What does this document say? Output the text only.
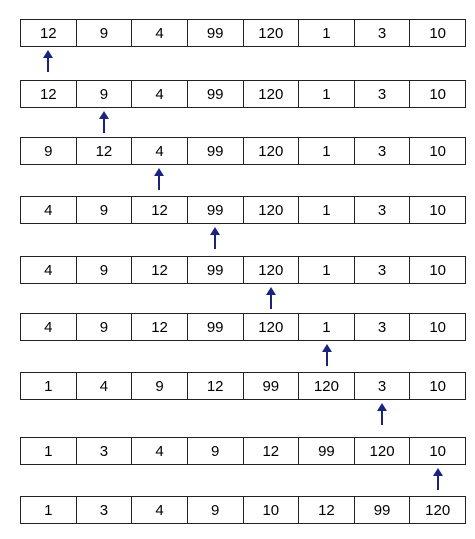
12	9	4	99	120	1	3	10
12	9	4	99	120	1	3	10
9	12	4	99	120	1	3	10
4	9	12	99	120	1	3	10
4	9	12	99	120	1	3	10
4	9	12	99	120	1	3	10
1	4	9	12	99	120	3	10
1	3	4	9	12	99	120	10
1	3	4	9	10	12	99	120
